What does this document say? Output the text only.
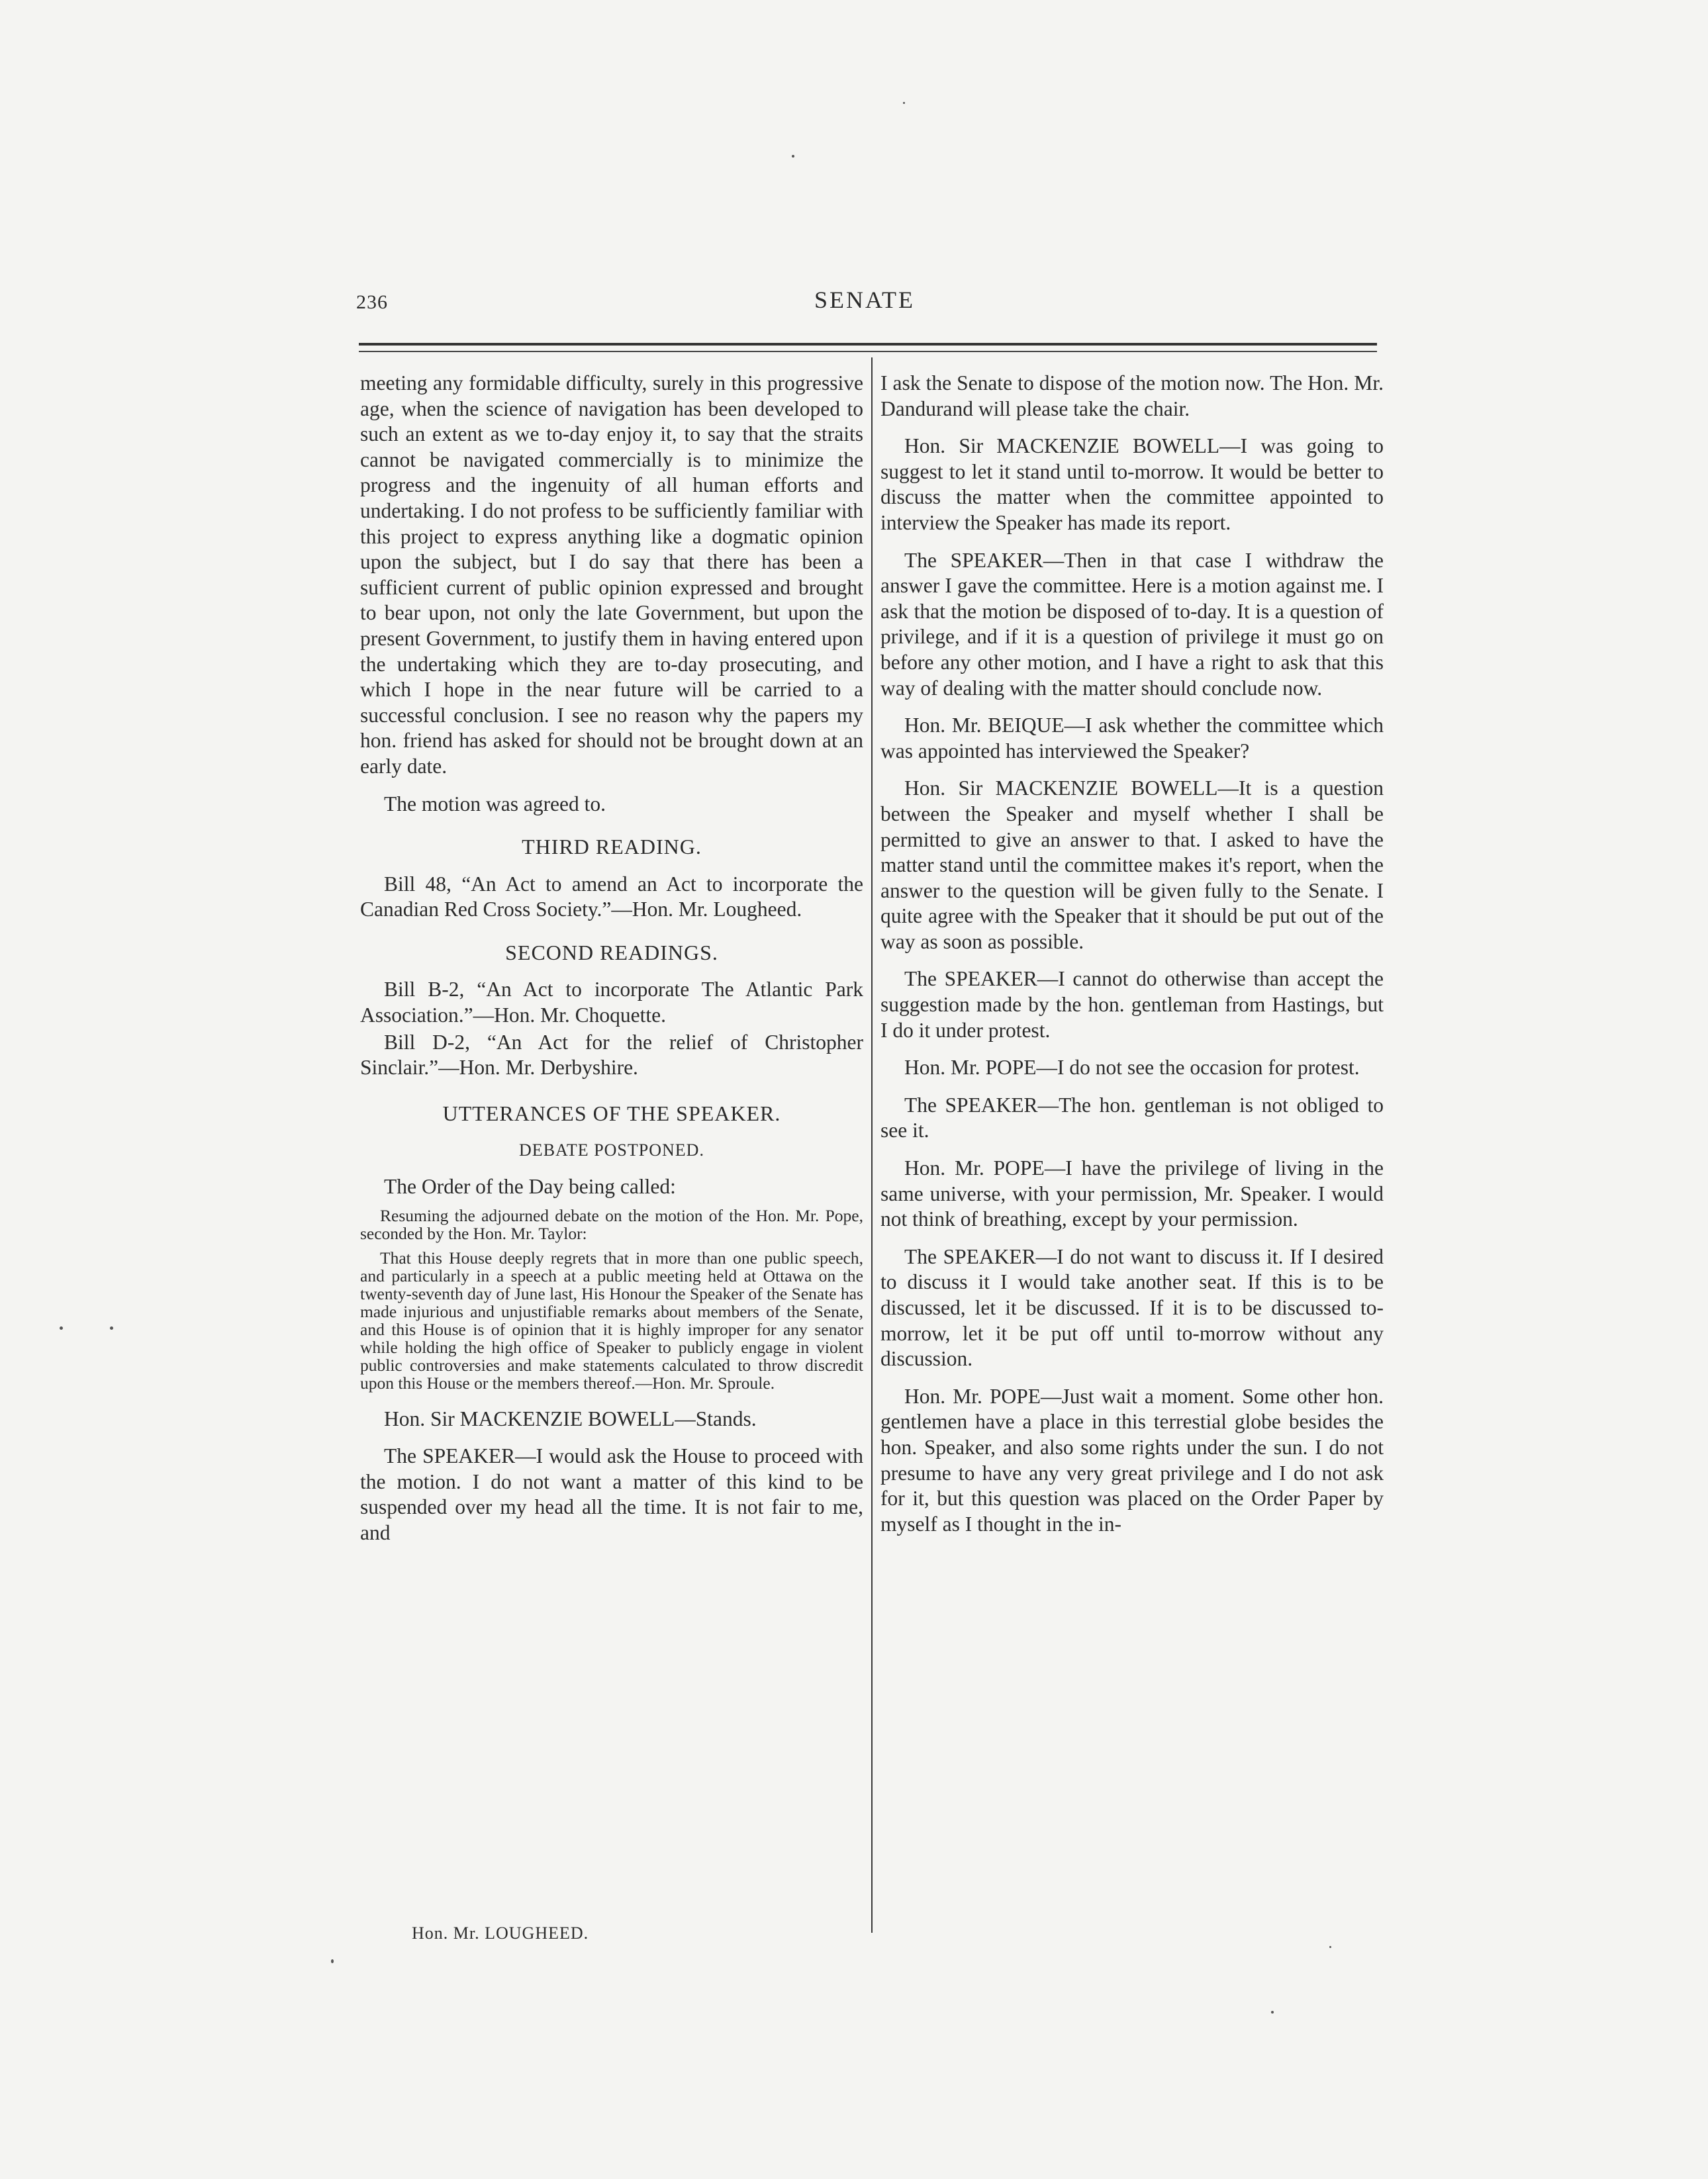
236	SENATE

meeting any formidable difficulty, surely in this progressive age, when the science of navigation has been developed to such an extent as we to-day enjoy it, to say that the straits cannot be navigated commercially is to minimize the progress and the ingenuity of all human efforts and undertaking. I do not profess to be sufficiently familiar with this project to express anything like a dogmatic opinion upon the subject, but I do say that there has been a sufficient current of public opinion expressed and brought to bear upon, not only the late Government, but upon the present Government, to justify them in having entered upon the undertaking which they are to-day prosecuting, and which I hope in the near future will be carried to a successful conclusion. I see no reason why the papers my hon. friend has asked for should not be brought down at an early date.

The motion was agreed to.

THIRD READING.

Bill 48, “An Act to amend an Act to incorporate the Canadian Red Cross Society.”—Hon. Mr. Lougheed.

SECOND READINGS.

Bill B-2, “An Act to incorporate The Atlantic Park Association.”—Hon. Mr. Choquette.

Bill D-2, “An Act for the relief of Christopher Sinclair.”—Hon. Mr. Derbyshire.

UTTERANCES OF THE SPEAKER.
DEBATE POSTPONED.

The Order of the Day being called:

Resuming the adjourned debate on the motion of the Hon. Mr. Pope, seconded by the Hon. Mr. Taylor:

That this House deeply regrets that in more than one public speech, and particularly in a speech at a public meeting held at Ottawa on the twenty-seventh day of June last, His Honour the Speaker of the Senate has made injurious and unjustifiable remarks about members of the Senate, and this House is of opinion that it is highly improper for any senator while holding the high office of Speaker to publicly engage in violent public controversies and make statements calculated to throw discredit upon this House or the members thereof.—Hon. Mr. Sproule.

Hon. Sir MACKENZIE BOWELL—Stands.

The SPEAKER—I would ask the House to proceed with the motion. I do not want a matter of this kind to be suspended over my head all the time. It is not fair to me, and

I ask the Senate to dispose of the motion now. The Hon. Mr. Dandurand will please take the chair.

Hon. Sir MACKENZIE BOWELL—I was going to suggest to let it stand until to-morrow. It would be better to discuss the matter when the committee appointed to interview the Speaker has made its report.

The SPEAKER—Then in that case I withdraw the answer I gave the committee. Here is a motion against me. I ask that the motion be disposed of to-day. It is a question of privilege, and if it is a question of privilege it must go on before any other motion, and I have a right to ask that this way of dealing with the matter should conclude now.

Hon. Mr. BEIQUE—I ask whether the committee which was appointed has interviewed the Speaker?

Hon. Sir MACKENZIE BOWELL—It is a question between the Speaker and myself whether I shall be permitted to give an answer to that. I asked to have the matter stand until the committee makes it's report, when the answer to the question will be given fully to the Senate. I quite agree with the Speaker that it should be put out of the way as soon as possible.

The SPEAKER—I cannot do otherwise than accept the suggestion made by the hon. gentleman from Hastings, but I do it under protest.

Hon. Mr. POPE—I do not see the occasion for protest.

The SPEAKER—The hon. gentleman is not obliged to see it.

Hon. Mr. POPE—I have the privilege of living in the same universe, with your permission, Mr. Speaker. I would not think of breathing, except by your permission.

The SPEAKER—I do not want to discuss it. If I desired to discuss it I would take another seat. If this is to be discussed, let it be discussed. If it is to be discussed to-morrow, let it be put off until to-morrow without any discussion.

Hon. Mr. POPE—Just wait a moment. Some other hon. gentlemen have a place in this terrestial globe besides the hon. Speaker, and also some rights under the sun. I do not presume to have any very great privilege and I do not ask for it, but this question was placed on the Order Paper by myself as I thought in the in-

Hon. Mr. LOUGHEED.
